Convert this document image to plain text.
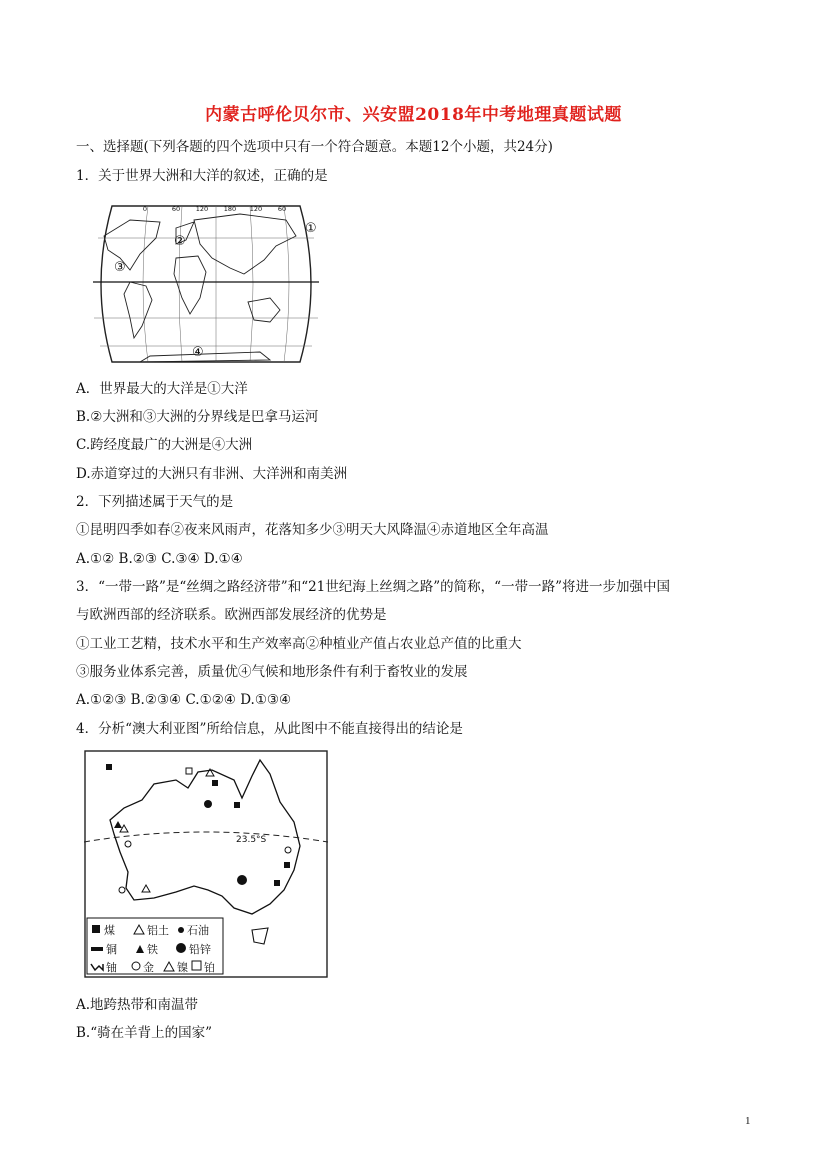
内蒙古呼伦贝尔市、兴安盟2018年中考地理真题试题
一、选择题(下列各题的四个选项中只有一个符合题意。本题12个小题，共24分)
1．关于世界大洲和大洋的叙述，正确的是
0	60 120 180 120 60
①
②
③
④
A．世界最大的大洋是①大洋
B.②大洲和③大洲的分界线是巴拿马运河
C.跨经度最广的大洲是④大洲
D.赤道穿过的大洲只有非洲、大洋洲和南美洲
2．下列描述属于天气的是
①昆明四季如春②夜来风雨声，花落知多少③明天大风降温④赤道地区全年高温
A.①② B.②③ C.③④ D.①④
3．“一带一路”是“丝绸之路经济带”和“21世纪海上丝绸之路”的简称，“一带一路”将进一步加强中国
与欧洲西部的经济联系。欧洲西部发展经济的优势是
①工业工艺精，技术水平和生产效率高②种植业产值占农业总产值的比重大
③服务业体系完善，质量优④气候和地形条件有利于畜牧业的发展
A.①②③ B.②③④ C.①②④ D.①③④
4．分析“澳大利亚图”所给信息，从此图中不能直接得出的结论是
23.5°S
煤	铝土 石油
铜	铁	铅锌
铀 金 镍 铂
A.地跨热带和南温带
B.“骑在羊背上的国家”
1
